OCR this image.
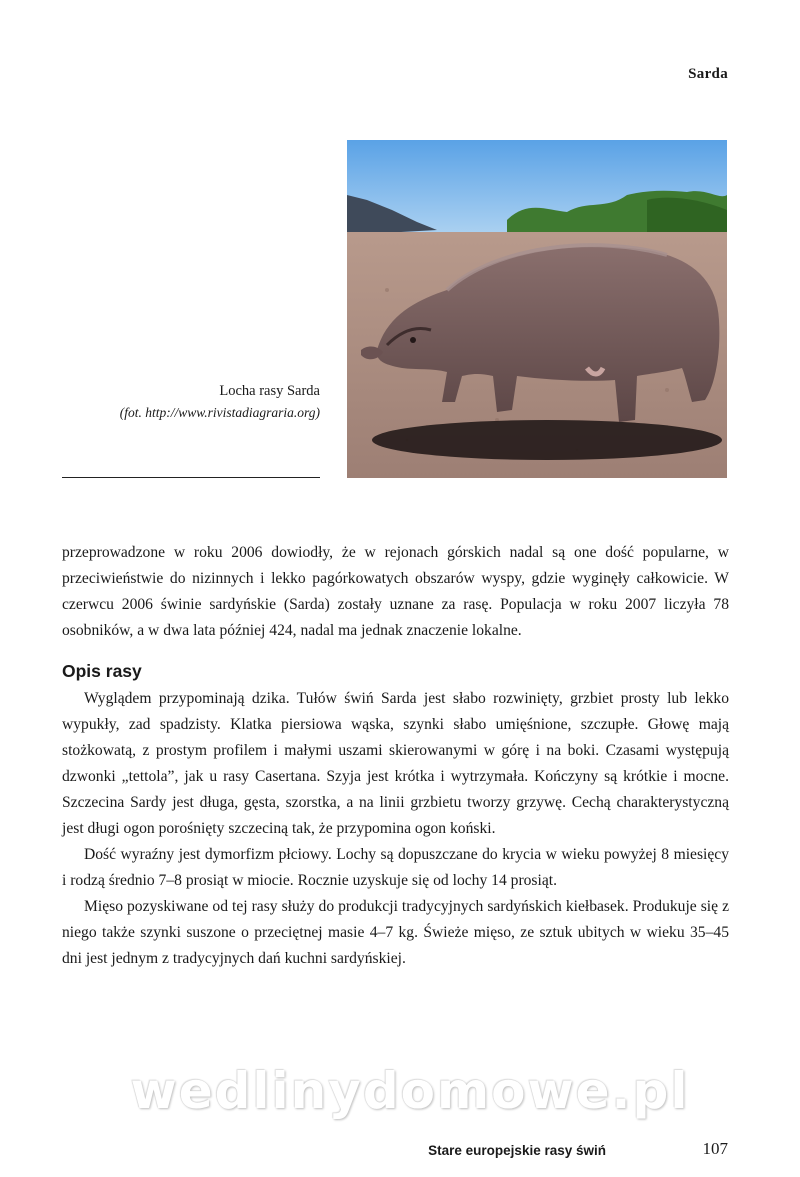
Sarda
Locha rasy Sarda
(fot. http://www.rivistadiagraria.org)

przeprowadzone w roku 2006 dowiodły, że w rejonach górskich nadal są one dość popularne, w przeciwieństwie do nizinnych i lekko pagórkowatych obszarów wyspy, gdzie wyginęły całkowicie. W czerwcu 2006 świnie sardyńskie (Sarda) zostały uznane za rasę. Populacja w roku 2007 liczyła 78 osobników, a w dwa lata później 424, nadal ma jednak znaczenie lokalne.

Opis rasy

Wyglądem przypominają dzika. Tułów świń Sarda jest słabo rozwinięty, grzbiet prosty lub lekko wypukły, zad spadzisty. Klatka piersiowa wąska, szynki słabo umięśnione, szczupłe. Głowę mają stożkowatą, z prostym profilem i małymi uszami skierowanymi w górę i na boki. Czasami występują dzwonki „tettola”, jak u rasy Casertana. Szyja jest krótka i wytrzymała. Kończyny są krótkie i mocne. Szczecina Sardy jest długa, gęsta, szorstka, a na linii grzbietu tworzy grzywę. Cechą charakterystyczną jest długi ogon porośnięty szczeciną tak, że przypomina ogon koński.

Dość wyraźny jest dymorfizm płciowy. Lochy są dopuszczane do krycia w wieku powyżej 8 miesięcy i rodzą średnio 7–8 prosiąt w miocie. Rocznie uzyskuje się od lochy 14 prosiąt.

Mięso pozyskiwane od tej rasy służy do produkcji tradycyjnych sardyńskich kiełbasek. Produkuje się z niego także szynki suszone o przeciętnej masie 4–7 kg. Świeże mięso, ze sztuk ubitych w wieku 35–45 dni jest jednym z tradycyjnych dań kuchni sardyńskiej.

wedlinydomowe.pl
Stare europejskie rasy świń	107
